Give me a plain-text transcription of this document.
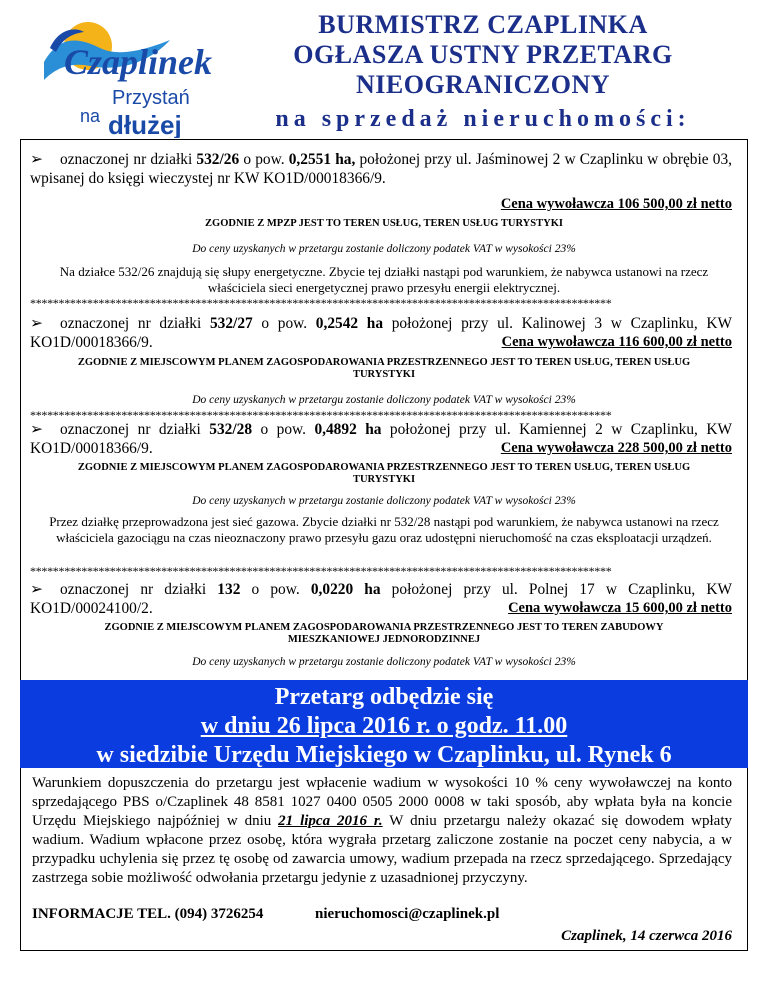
Czaplinek
Przystań
na dłużej
BURMISTRZ CZAPLINKA
OGŁASZA USTNY PRZETARG
NIEOGRANICZONY
na sprzedaż nieruchomości:
➢ oznaczonej nr działki 532/26 o pow. 0,2551 ha, położonej przy ul. Jaśminowej 2 w Czaplinku w obrębie 03, wpisanej do księgi wieczystej nr KW KO1D/00018366/9.
Cena wywoławcza 106 500,00 zł netto
ZGODNIE Z MPZP JEST TO TEREN USŁUG, TEREN USŁUG TURYSTYKI
Do ceny uzyskanych w przetargu zostanie doliczony podatek VAT w wysokości 23%
Na działce 532/26 znajdują się słupy energetyczne. Zbycie tej działki nastąpi pod warunkiem, że nabywca ustanowi na rzecz właściciela sieci energetycznej prawo przesyłu energii elektrycznej.
******************************************************************************************************
➢ oznaczonej nr działki 532/27 o pow. 0,2542 ha położonej przy ul. Kalinowej 3 w Czaplinku, KW KO1D/00018366/9.	Cena wywoławcza 116 600,00 zł netto
ZGODNIE Z MIEJSCOWYM PLANEM ZAGOSPODAROWANIA PRZESTRZENNEGO JEST TO TEREN USŁUG, TEREN USŁUG TURYSTYKI
Do ceny uzyskanych w przetargu zostanie doliczony podatek VAT w wysokości 23%
******************************************************************************************************
➢ oznaczonej nr działki 532/28 o pow. 0,4892 ha położonej przy ul. Kamiennej 2 w Czaplinku, KW KO1D/00018366/9.	Cena wywoławcza 228 500,00 zł netto
ZGODNIE Z MIEJSCOWYM PLANEM ZAGOSPODAROWANIA PRZESTRZENNEGO JEST TO TEREN USŁUG, TEREN USŁUG TURYSTYKI
Do ceny uzyskanych w przetargu zostanie doliczony podatek VAT w wysokości 23%
Przez działkę przeprowadzona jest sieć gazowa. Zbycie działki nr 532/28 nastąpi pod warunkiem, że nabywca ustanowi na rzecz właściciela gazociągu na czas nieoznaczony prawo przesyłu gazu oraz udostępni nieruchomość na czas eksploatacji urządzeń.
******************************************************************************************************
➢ oznaczonej nr działki 132 o pow. 0,0220 ha położonej przy ul. Polnej 17 w Czaplinku, KW KO1D/00024100/2.	Cena wywoławcza 15 600,00 zł netto
ZGODNIE Z MIEJSCOWYM PLANEM ZAGOSPODAROWANIA PRZESTRZENNEGO JEST TO TEREN ZABUDOWY MIESZKANIOWEJ JEDNORODZINNEJ
Do ceny uzyskanych w przetargu zostanie doliczony podatek VAT w wysokości 23%
Przetarg odbędzie się
w dniu 26 lipca 2016 r. o godz. 11.00
w siedzibie Urzędu Miejskiego w Czaplinku, ul. Rynek 6
Warunkiem dopuszczenia do przetargu jest wpłacenie wadium w wysokości 10 % ceny wywoławczej na konto sprzedającego PBS o/Czaplinek 48 8581 1027 0400 0505 2000 0008 w taki sposób, aby wpłata była na koncie Urzędu Miejskiego najpóźniej w dniu 21 lipca 2016 r. W dniu przetargu należy okazać się dowodem wpłaty wadium. Wadium wpłacone przez osobę, która wygrała przetarg zaliczone zostanie na poczet ceny nabycia, a w przypadku uchylenia się przez tę osobę od zawarcia umowy, wadium przepada na rzecz sprzedającego. Sprzedający zastrzega sobie możliwość odwołania przetargu jedynie z uzasadnionej przyczyny.
INFORMACJE TEL. (094) 3726254	nieruchomosci@czaplinek.pl
Czaplinek, 14 czerwca 2016
